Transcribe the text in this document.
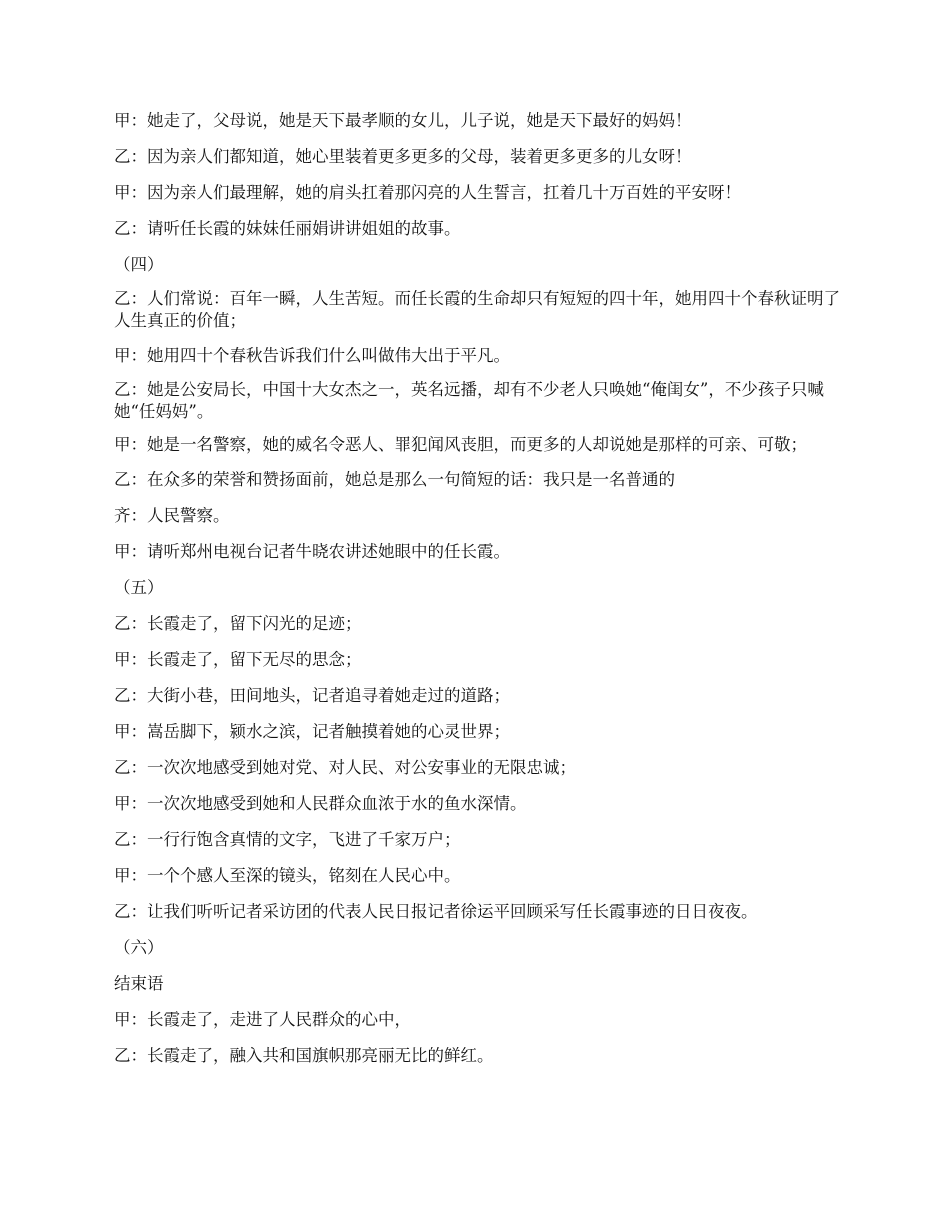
甲：她走了，父母说，她是天下最孝顺的女儿，儿子说，她是天下最好的妈妈！

乙：因为亲人们都知道，她心里装着更多更多的父母，装着更多更多的儿女呀！

甲：因为亲人们最理解，她的肩头扛着那闪亮的人生誓言，扛着几十万百姓的平安呀！

乙：请听任长霞的妹妹任丽娟讲讲姐姐的故事。

（四）

乙：人们常说：百年一瞬，人生苦短。而任长霞的生命却只有短短的四十年，她用四十个春秋证明了人生真正的价值；

甲：她用四十个春秋告诉我们什么叫做伟大出于平凡。

乙：她是公安局长，中国十大女杰之一，英名远播，却有不少老人只唤她“俺闺女”，不少孩子只喊她“任妈妈”。

甲：她是一名警察，她的威名令恶人、罪犯闻风丧胆，而更多的人却说她是那样的可亲、可敬；

乙：在众多的荣誉和赞扬面前，她总是那么一句简短的话：我只是一名普通的

齐：人民警察。

甲：请听郑州电视台记者牛晓农讲述她眼中的任长霞。

（五）

乙：长霞走了，留下闪光的足迹；

甲：长霞走了，留下无尽的思念；

乙：大街小巷，田间地头，记者追寻着她走过的道路；

甲：嵩岳脚下，颍水之滨，记者触摸着她的心灵世界；

乙：一次次地感受到她对党、对人民、对公安事业的无限忠诚；

甲：一次次地感受到她和人民群众血浓于水的鱼水深情。

乙：一行行饱含真情的文字，飞进了千家万户；

甲：一个个感人至深的镜头，铭刻在人民心中。

乙：让我们听听记者采访团的代表人民日报记者徐运平回顾采写任长霞事迹的日日夜夜。

（六）

结束语

甲：长霞走了，走进了人民群众的心中，

乙：长霞走了，融入共和国旗帜那亮丽无比的鲜红。
